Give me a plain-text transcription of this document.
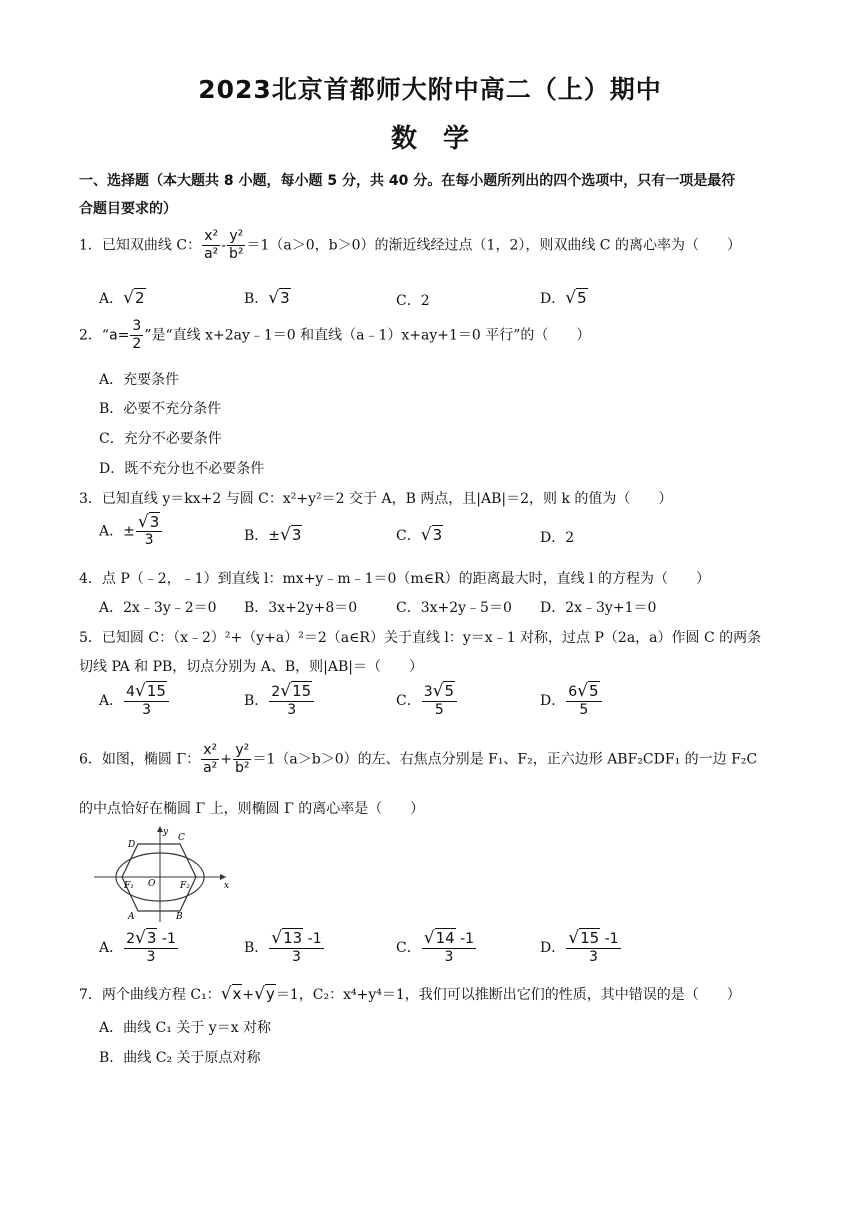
2023北京首都师大附中高二（上）期中
数学
一、选择题（本大题共 8 小题，每小题 5 分，共 40 分。在每小题所列出的四个选项中，只有一项是最符
合题目要求的）
1．已知双曲线 C： $\frac{\text{x²}}{\text{a²}} - \frac{\text{y²}}{\text{b²}} =1(a>0$，b＞0）的渐近线经过点（1，2），则双曲线 C 的离心率为（　　）
A．√2	B．√3	C．2	D．√5
2．“$a= \frac{3}{2}$ ”是“直线 x+2ay﹣1＝0 和直线（a﹣1）x+ay+1＝0 平行”的（　　）
A．充要条件
B．必要不充分条件
C．充分不必要条件
D．既不充分也不必要条件
3．已知直线 y＝kx+2 与圆 C：x²+y²＝2 交于 A，B 两点，且|AB|＝2，则 k 的值为（　　）
A．± $\frac{√3}{3}$	B．±√3	C．√3	D．2
4．点 P（﹣2，﹣1）到直线 l：mx+y﹣m﹣1＝0（m∈R）的距离最大时，直线 l 的方程为（　　）
A．2x﹣3y﹣2＝0 B．3x+2y+8＝0	C．3x+2y﹣5＝0 D．2x﹣3y+1＝0
5．已知圆 C：（x﹣2）²+（y+a）²＝2（a∈R）关于直线 l：y＝x﹣1 对称，过点 P（2a，a）作圆 C 的两条
切线 PA 和 PB，切点分别为 A、B，则|AB|＝（　　）
A． $\frac{4√15}{3}$	B． $\frac{2√15}{3}$	C． $\frac{3√5}{5}$	D． $\frac{6√5}{5}$
6．如图，椭圆 Γ： $\frac{\text{x²}}{\text{a²}} + \frac{\text{y²}}{\text{b²}} =1(a>b>0)$的左、右焦点分别是 F₁、F₂，正六边形 ABF₂CDF₁ 的一边 F₂C
的中点恰好在椭圆 Γ 上，则椭圆 Γ 的离心率是（　　）
D
C
y
F₁ O	F₂	x
A	B
A． $\frac{2√3 -1}{3}$	B． $\frac{√13 -1}{3}$	C． $\frac{√14 -1}{3}$	D． $\frac{√15 -1}{3}$
7．两个曲线方程 C₁：√x+√y＝1，C₂：x⁴+y⁴＝1，我们可以推断出它们的性质，其中错误的是（　　）
A．曲线 C₁ 关于 y＝x 对称
B．曲线 C₂ 关于原点对称
